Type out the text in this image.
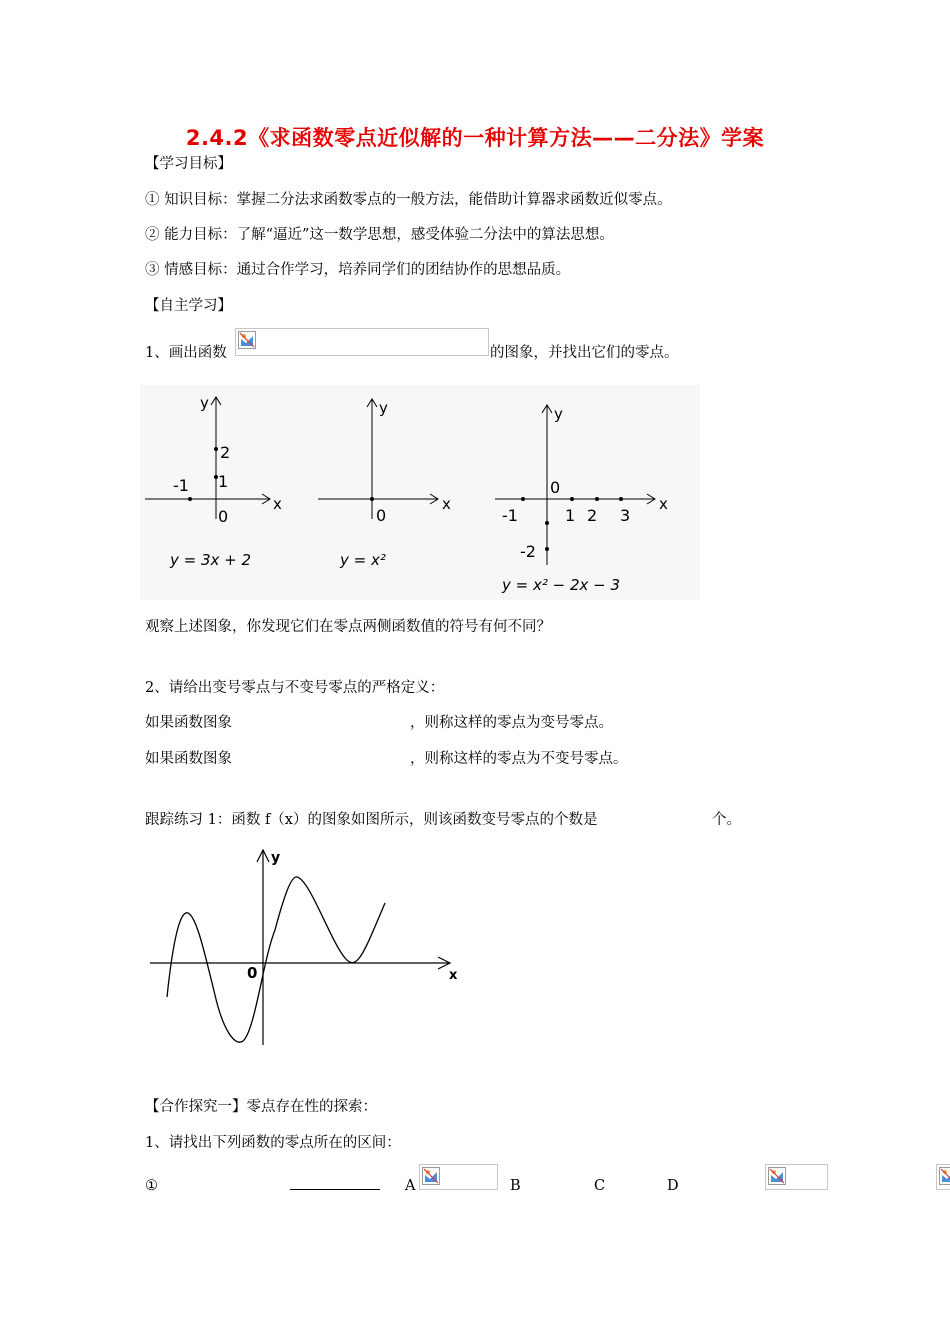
2.4.2《求函数零点近似解的一种计算方法——二分法》学案
【学习目标】
① 知识目标：掌握二分法求函数零点的一般方法，能借助计算器求函数近似零点。
② 能力目标：了解“逼近”这一数学思想，感受体验二分法中的算法思想。
③ 情感目标：通过合作学习，培养同学们的团结协作的思想品质。
【自主学习】
1、画出函数
	的图象，并找出它们的零点。
y
x
2
1
-1
0
y = 3x + 2
y
x
0
y = x²
y
x
0
-1	1 2 3
-2
y = x² − 2x − 3
观察上述图象，你发现它们在零点两侧函数值的符号有何不同？
2、请给出变号零点与不变号零点的严格定义：
如果函数图象	，则称这样的零点为变号零点。
如果函数图象	，则称这样的零点为不变号零点。
跟踪练习 1：函数 f（x）的图象如图所示，则该函数变号零点的个数是	个。
y
x
0
【合作探究一】零点存在性的探索：
1、请找出下列函数的零点所在的区间：
①
	A
	B
	C
	D
